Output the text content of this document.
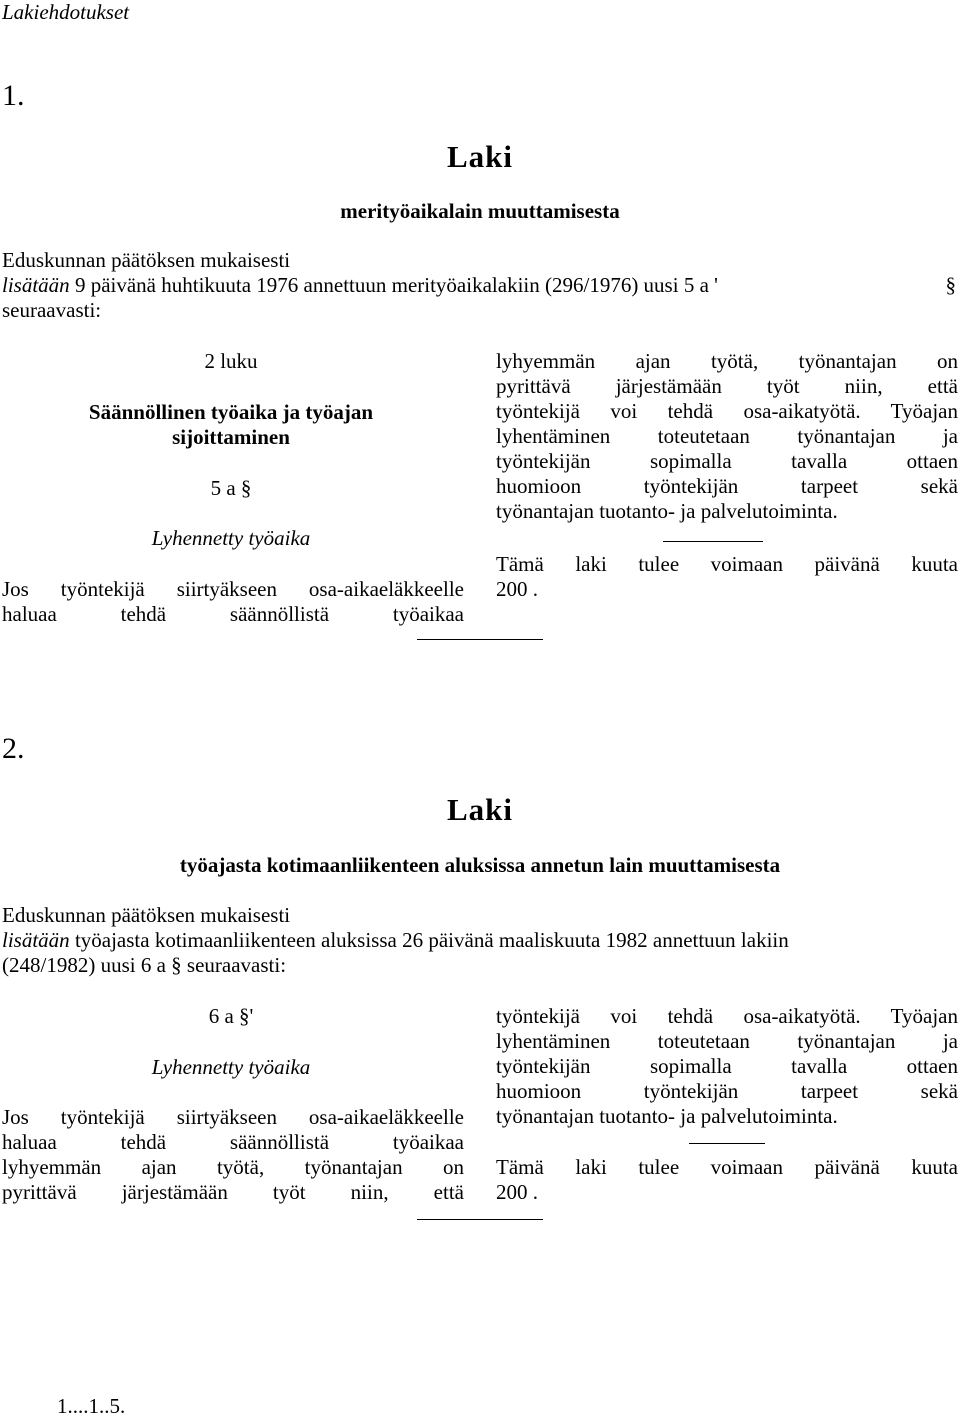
Lakiehdotukset
1.
Laki
merityöaikalain muuttamisesta
Eduskunnan päätöksen mukaisesti
lisätään 9 päivänä huhtikuuta 1976 annettuun merityöaikalakiin (296/1976) uusi 5 a '	§
seuraavasti:
2 luku
Säännöllinen työaika ja työajan
sijoittaminen
5 a §
Lyhennetty työaika

Jos työntekijä siirtyäkseen osa-aikaeläkkeelle

haluaa tehdä säännöllistä työaikaa

lyhyemmän ajan työtä, työnantajan on

pyrittävä järjestämään työt niin, että

työntekijä voi tehdä osa-aikatyötä. Työajan

lyhentäminen toteutetaan työnantajan ja

työntekijän sopimalla tavalla ottaen

huomioon työntekijän tarpeet sekä

työnantajan tuotanto- ja palvelutoiminta.

Tämä laki tulee voimaan päivänä kuuta

200 .

2.
Laki
työajasta kotimaanliikenteen aluksissa annetun lain muuttamisesta
Eduskunnan päätöksen mukaisesti
lisätään työajasta kotimaanliikenteen aluksissa 26 päivänä maaliskuuta 1982 annettuun lakiin
(248/1982) uusi 6 a § seuraavasti:
6 a §'
Lyhennetty työaika

Jos työntekijä siirtyäkseen osa-aikaeläkkeelle

haluaa tehdä säännöllistä työaikaa

lyhyemmän ajan työtä, työnantajan on

pyrittävä järjestämään työt niin, että

työntekijä voi tehdä osa-aikatyötä. Työajan

lyhentäminen toteutetaan työnantajan ja

työntekijän sopimalla tavalla ottaen

huomioon työntekijän tarpeet sekä

työnantajan tuotanto- ja palvelutoiminta.

Tämä laki tulee voimaan päivänä kuuta

200 .

1....1..5.
